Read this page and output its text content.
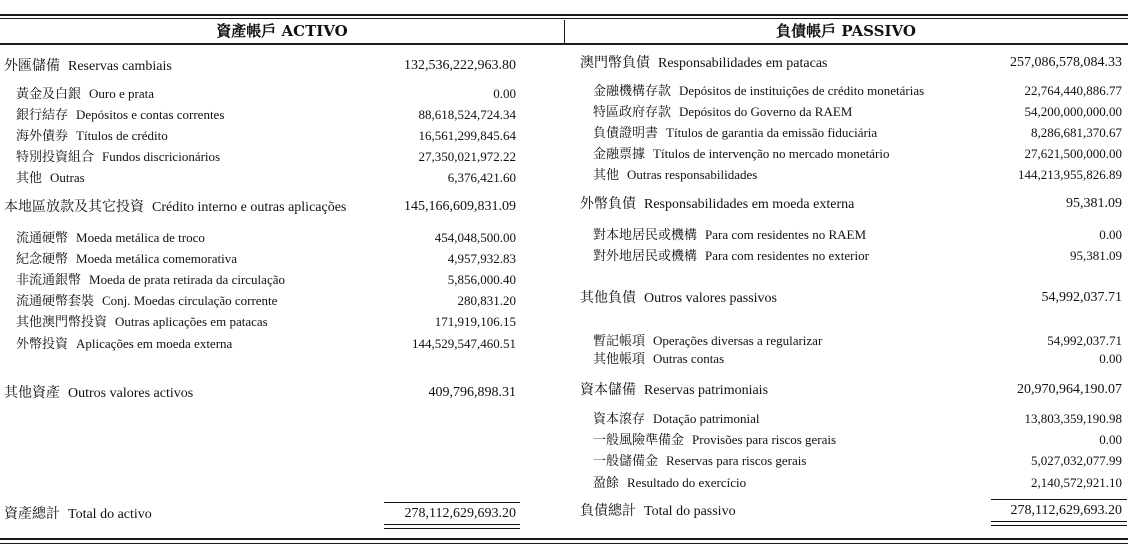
資產帳戶 ACTIVO	負債帳戶 PASSIVO
外匯儲備 Reservas cambiais	132,536,222,963.80
黃金及白銀 Ouro e prata	0.00
銀行結存 Depósitos e contas correntes	88,618,524,724.34
海外債券 Títulos de crédito	16,561,299,845.64
特別投資組合 Fundos discricionários	27,350,021,972.22
其他 Outras	6,376,421.60
本地區放款及其它投資 Crédito interno e outras aplicações	145,166,609,831.09
流通硬幣 Moeda metálica de troco	454,048,500.00
紀念硬幣 Moeda metálica comemorativa	4,957,932.83
非流通銀幣 Moeda de prata retirada da circulação	5,856,000.40
流通硬幣套裝 Conj. Moedas circulação corrente	280,831.20
其他澳門幣投資 Outras aplicações em patacas	171,919,106.15
外幣投資 Aplicações em moeda externa	144,529,547,460.51
其他資產 Outros valores activos	409,796,898.31
資產總計 Total do activo	278,112,629,693.20
澳門幣負債 Responsabilidades em patacas	257,086,578,084.33
金融機構存款 Depósitos de instituições de crédito monetárias	22,764,440,886.77
特區政府存款 Depósitos do Governo da RAEM	54,200,000,000.00
負債證明書 Títulos de garantia da emissão fiduciária	8,286,681,370.67
金融票據 Títulos de intervenção no mercado monetário	27,621,500,000.00
其他 Outras responsabilidades	144,213,955,826.89
外幣負債 Responsabilidades em moeda externa	95,381.09
對本地居民或機構 Para com residentes no RAEM	0.00
對外地居民或機構 Para com residentes no exterior	95,381.09
其他負債 Outros valores passivos	54,992,037.71
暫記帳項 Operações diversas a regularizar	54,992,037.71
其他帳項 Outras contas	0.00
資本儲備 Reservas patrimoniais	20,970,964,190.07
資本滾存 Dotação patrimonial	13,803,359,190.98
一般風險準備金 Provisões para riscos gerais	0.00
一般儲備金 Reservas para riscos gerais	5,027,032,077.99
盈餘 Resultado do exercício	2,140,572,921.10
負債總計 Total do passivo	278,112,629,693.20
